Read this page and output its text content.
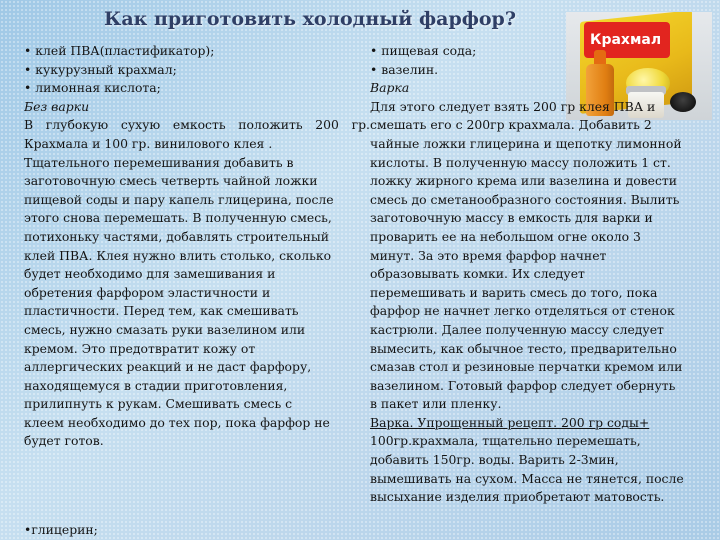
Как приготовить холодный фарфор?
Крахмал
• клей ПВА(пластификатор);
• кукурузный крахмал;
• лимонная кислота;
Без варки
В глубокую сухую емкость положить 200 гр.
Крахмала и 100 гр. винилового клея .
Тщательного перемешивания добавить в
заготовочную смесь четверть чайной ложки
пищевой соды и пару капель глицерина, после
этого снова перемешать. В полученную смесь,
потихоньку частями, добавлять строительный
клей ПВА. Клея нужно влить столько, сколько
будет необходимо для замешивания и
обретения фарфором эластичности и
пластичности. Перед тем, как смешивать
смесь, нужно смазать руки вазелином или
кремом. Это предотвратит кожу от
аллергических реакций и не даст фарфору,
находящемуся в стадии приготовления,
прилипнуть к рукам. Смешивать смесь с
клеем необходимо до тех пор, пока фарфор не
будет готов.
• пищевая сода;
• вазелин.
Варка
Для этого следует взять 200 гр клея ПВА и
смешать его с 200гр крахмала. Добавить 2
чайные ложки глицерина и щепотку лимонной
кислоты. В полученную массу положить 1 ст.
ложку жирного крема или вазелина и довести
смесь до сметанообразного состояния. Вылить
заготовочную массу в емкость для варки и
проварить ее на небольшом огне около 3
минут. За это время фарфор начнет
образовывать комки. Их следует
перемешивать и варить смесь до того, пока
фарфор не начнет легко отделяться от стенок
кастрюли. Далее полученную массу следует
вымесить, как обычное тесто, предварительно
смазав стол и резиновые перчатки кремом или
вазелином. Готовый фарфор следует обернуть
в пакет или пленку.
Варка. Упрощенный рецепт. 200 гр соды+
100гр.крахмала, тщательно перемешать,
добавить 150гр. воды. Варить 2-3мин,
вымешивать на сухом. Масса не тянется, после
высыхание изделия приобретают матовость.
• глицерин;
